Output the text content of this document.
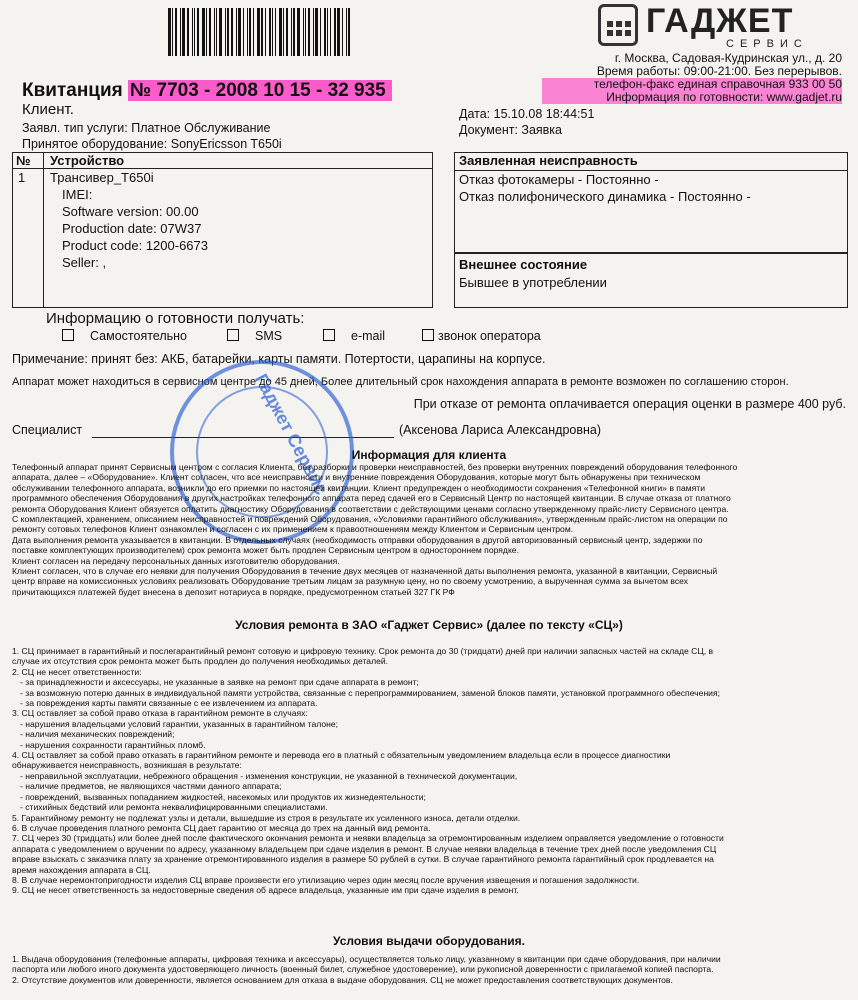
ГАДЖЕТ
СЕРВИС
г. Москва, Садовая-Кудринская ул., д. 20
Время работы: 09:00-21:00. Без перерывов.
телефон-факс единая справочная 933 00 50
Информация по готовности: www.gadjet.ru
Квитанция № 7703 - 2008 10 15 - 32 935
Клиент.
Заявл. тип услуги: Платное Обслуживание
Принятое оборудование: SonyEricsson T650i
Дата: 15.10.08 18:44:51
Документ: Заявка
№ Устройство
1 Трансивер_T650i
IMEI:
Software version: 00.00
Production date: 07W37
Product code: 1200-6673
Seller: ,
Заявленная неисправность
Отказ фотокамеры - Постоянно -
Отказ полифонического динамика - Постоянно -
Внешнее состояние
Бывшее в употреблении
Информацию о готовности получать:
Самостоятельно	SMS	e-mail	звонок оператора
Примечание: принят без: АКБ, батарейки, карты памяти. Потертости, царапины на корпусе.
Аппарат может находиться в сервисном центре до 45 дней, Более длительный срок нахождения аппарата в ремонте возможен по соглашению сторон.
При отказе от ремонта оплачивается операция оценки в размере 400 руб.
Специалист	(Аксенова Лариса Александровна)
Гаджет Сервис	Информация для клиента
Телефонный аппарат принят Сервисным центром с согласия Клиента, без разборки и проверки неисправностей, без проверки внутренних повреждений оборудования телефонного
аппарата, далее – «Оборудование». Клиент согласен, что все неисправности и внутренние повреждения Оборудования, которые могут быть обнаружены при техническом
обслуживании телефонного аппарата, возникли до его приемки по настоящей квитанции. Клиент предупрежден о необходимости сохранения «Телефонной книги» в памяти
программного обеспечения Оборудования в других настройках телефонного аппарата перед сдачей его в Сервисный Центр по настоящей квитанции. В случае отказа от платного
ремонта Оборудования Клиент обязуется оплатить диагностику Оборудования в соответствии с действующими ценами согласно утвержденному прайс-листу Сервисного центра.
С комплектацией, хранением, описанием неисправностей и повреждений Оборудования, «Условиями гарантийного обслуживания», утвержденным прайс-листом на операции по
ремонту сотовых телефонов Клиент ознакомлен и согласен с их применением к правоотношениям между Клиентом и Сервисным центром.
Дата выполнения ремонта указывается в квитанции. В отдельных случаях (необходимость отправки оборудования в другой авторизованный сервисный центр, задержки по
поставке комплектующих производителем) срок ремонта может быть продлен Сервисным центром в одностороннем порядке.
Клиент согласен на передачу персональных данных изготовителю оборудования.
Клиент согласен, что в случае его неявки для получения Оборудования в течение двух месяцев от назначенной даты выполнения ремонта, указанной в квитанции, Сервисный
центр вправе на комиссионных условиях реализовать Оборудование третьим лицам за разумную цену, но по своему усмотрению, а вырученная сумма за вычетом всех
причитающихся платежей будет внесена в депозит нотариуса в порядке, предусмотренном статьей 327 ГК РФ
Условия ремонта в ЗАО «Гаджет Сервис» (далее по тексту «СЦ»)
1. СЦ принимает в гарантийный и послегарантийный ремонт сотовую и цифровую технику. Срок ремонта до 30 (тридцати) дней при наличии запасных частей на складе СЦ, в
случае их отсутствия срок ремонта может быть продлен до получения необходимых деталей.
2. СЦ не несет ответственности:
- за принадлежности и аксессуары, не указанные в заявке на ремонт при сдаче аппарата в ремонт;
- за возможную потерю данных в индивидуальной памяти устройства, связанные с перепрограммированием, заменой блоков памяти, установкой программного обеспечения;
- за повреждения карты памяти связанные с ее извлечением из аппарата.
3. СЦ оставляет за собой право отказа в гарантийном ремонте в случаях:
- нарушения владельцами условий гарантии, указанных в гарантийном талоне;
- наличия механических повреждений;
- нарушения сохранности гарантийных пломб.
4. СЦ оставляет за собой право отказать в гарантийном ремонте и перевода его в платный с обязательным уведомлением владельца если в процессе диагностики
обнаруживается неисправность, возникшая в результате:
- неправильной эксплуатации, небрежного обращения - изменения конструкции, не указанной в технической документации,
- наличие предметов, не являющихся частями данного аппарата;
- повреждений, вызванных попаданием жидкостей, насекомых или продуктов их жизнедеятельности;
- стихийных бедствий или ремонта неквалифицированными специалистами.
5. Гарантийному ремонту не подлежат узлы и детали, вышедшие из строя в результате их усиленного износа, детали отделки.
6. В случае проведения платного ремонта СЦ дает гарантию от месяца до трех на данный вид ремонта.
7. СЦ через 30 (тридцать) или более дней после фактического окончания ремонта и неявки владельца за отремонтированным изделием оправляется уведомление о готовности
аппарата с уведомлением о вручении по адресу, указанному владельцем при сдаче изделия в ремонт. В случае неявки владельца в течение трех дней после уведомления СЦ
вправе взыскать с заказчика плату за хранение отремонтированного изделия в размере 50 рублей в сутки. В случае гарантийного ремонта гарантийный срок продлевается на
время нахождения аппарата в СЦ.
8. В случае неремонтопригодности изделия СЦ вправе произвести его утилизацию через один месяц после вручения извещения и погашения задолжности.
9. СЦ не несет ответственность за недостоверные сведения об адресе владельца, указанные им при сдаче изделия в ремонт.
Условия выдачи оборудования.
1. Выдача оборудования (телефонные аппараты, цифровая техника и аксессуары), осуществляется только лицу, указанному в квитанции при сдаче оборудования, при наличии
паспорта или любого иного документа удостоверяющего личность (военный билет, служебное удостоверение), или рукописной доверенности с прилагаемой копией паспорта.
2. Отсутствие документов или доверенности, является основанием для отказа в выдаче оборудования. СЦ не может предоставления соответствующих документов.
